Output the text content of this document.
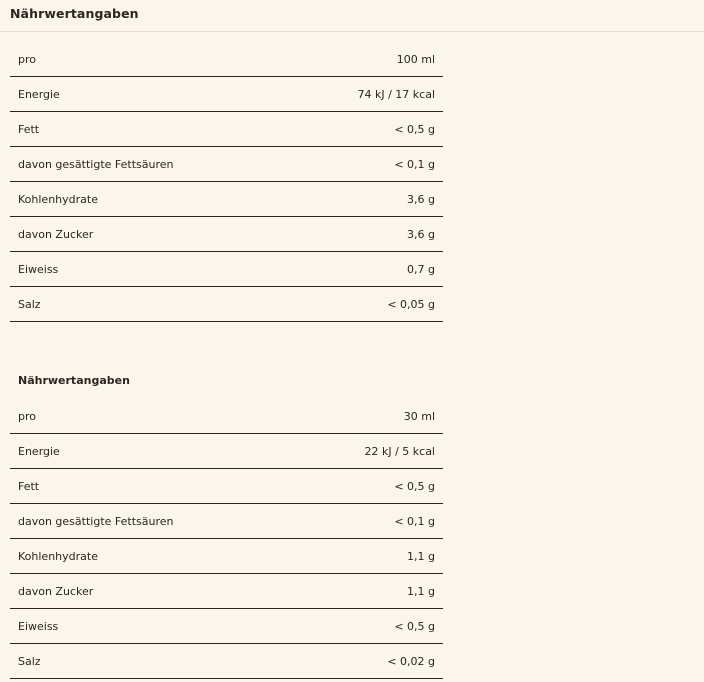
Nährwertangaben
pro	100 ml
Energie	74 kJ / 17 kcal
Fett	< 0,5 g
davon gesättigte Fettsäuren	< 0,1 g
Kohlenhydrate	3,6 g
davon Zucker	3,6 g
Eiweiss	0,7 g
Salz	< 0,05 g
Nährwertangaben
pro	30 ml
Energie	22 kJ / 5 kcal
Fett	< 0,5 g
davon gesättigte Fettsäuren	< 0,1 g
Kohlenhydrate	1,1 g
davon Zucker	1,1 g
Eiweiss	< 0,5 g
Salz	< 0,02 g
